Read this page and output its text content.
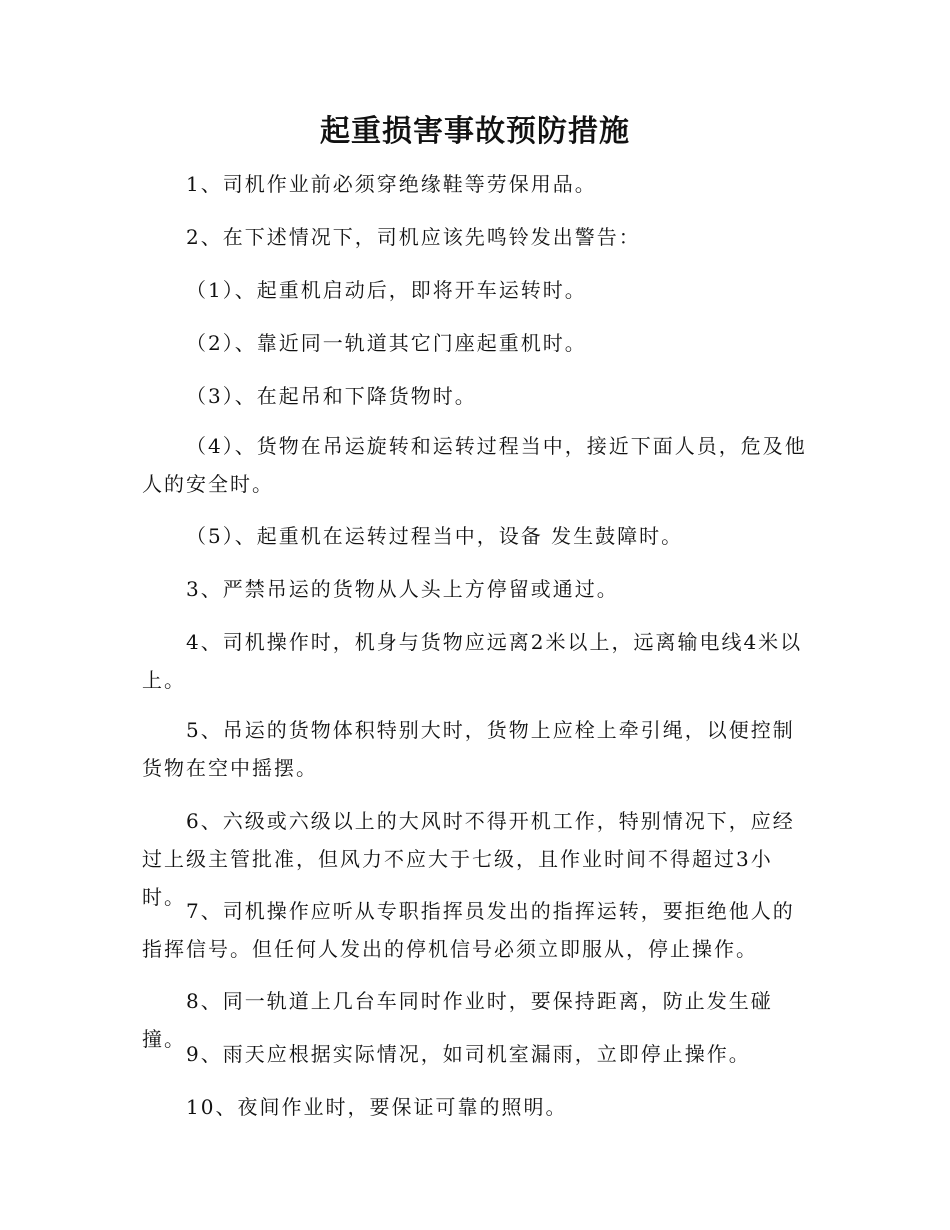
起重损害事故预防措施

1、司机作业前必须穿绝缘鞋等劳保用品。

2、在下述情况下，司机应该先鸣铃发出警告：

（1）、起重机启动后，即将开车运转时。

（2）、靠近同一轨道其它门座起重机时。

（3）、在起吊和下降货物时。

（4）、货物在吊运旋转和运转过程当中，接近下面人员，危及他人的安全时。

（5）、起重机在运转过程当中，设备 发生鼓障时。

3、严禁吊运的货物从人头上方停留或通过。

4、司机操作时，机身与货物应远离2米以上，远离输电线4米以上。

5、吊运的货物体积特别大时，货物上应栓上牵引绳，以便控制货物在空中摇摆。

6、六级或六级以上的大风时不得开机工作，特别情况下，应经过上级主管批准，但风力不应大于七级，且作业时间不得超过3小时。

7、司机操作应听从专职指挥员发出的指挥运转，要拒绝他人的指挥信号。但任何人发出的停机信号必须立即服从，停止操作。

8、同一轨道上几台车同时作业时，要保持距离，防止发生碰撞。

9、雨天应根据实际情况，如司机室漏雨，立即停止操作。

10、夜间作业时，要保证可靠的照明。
